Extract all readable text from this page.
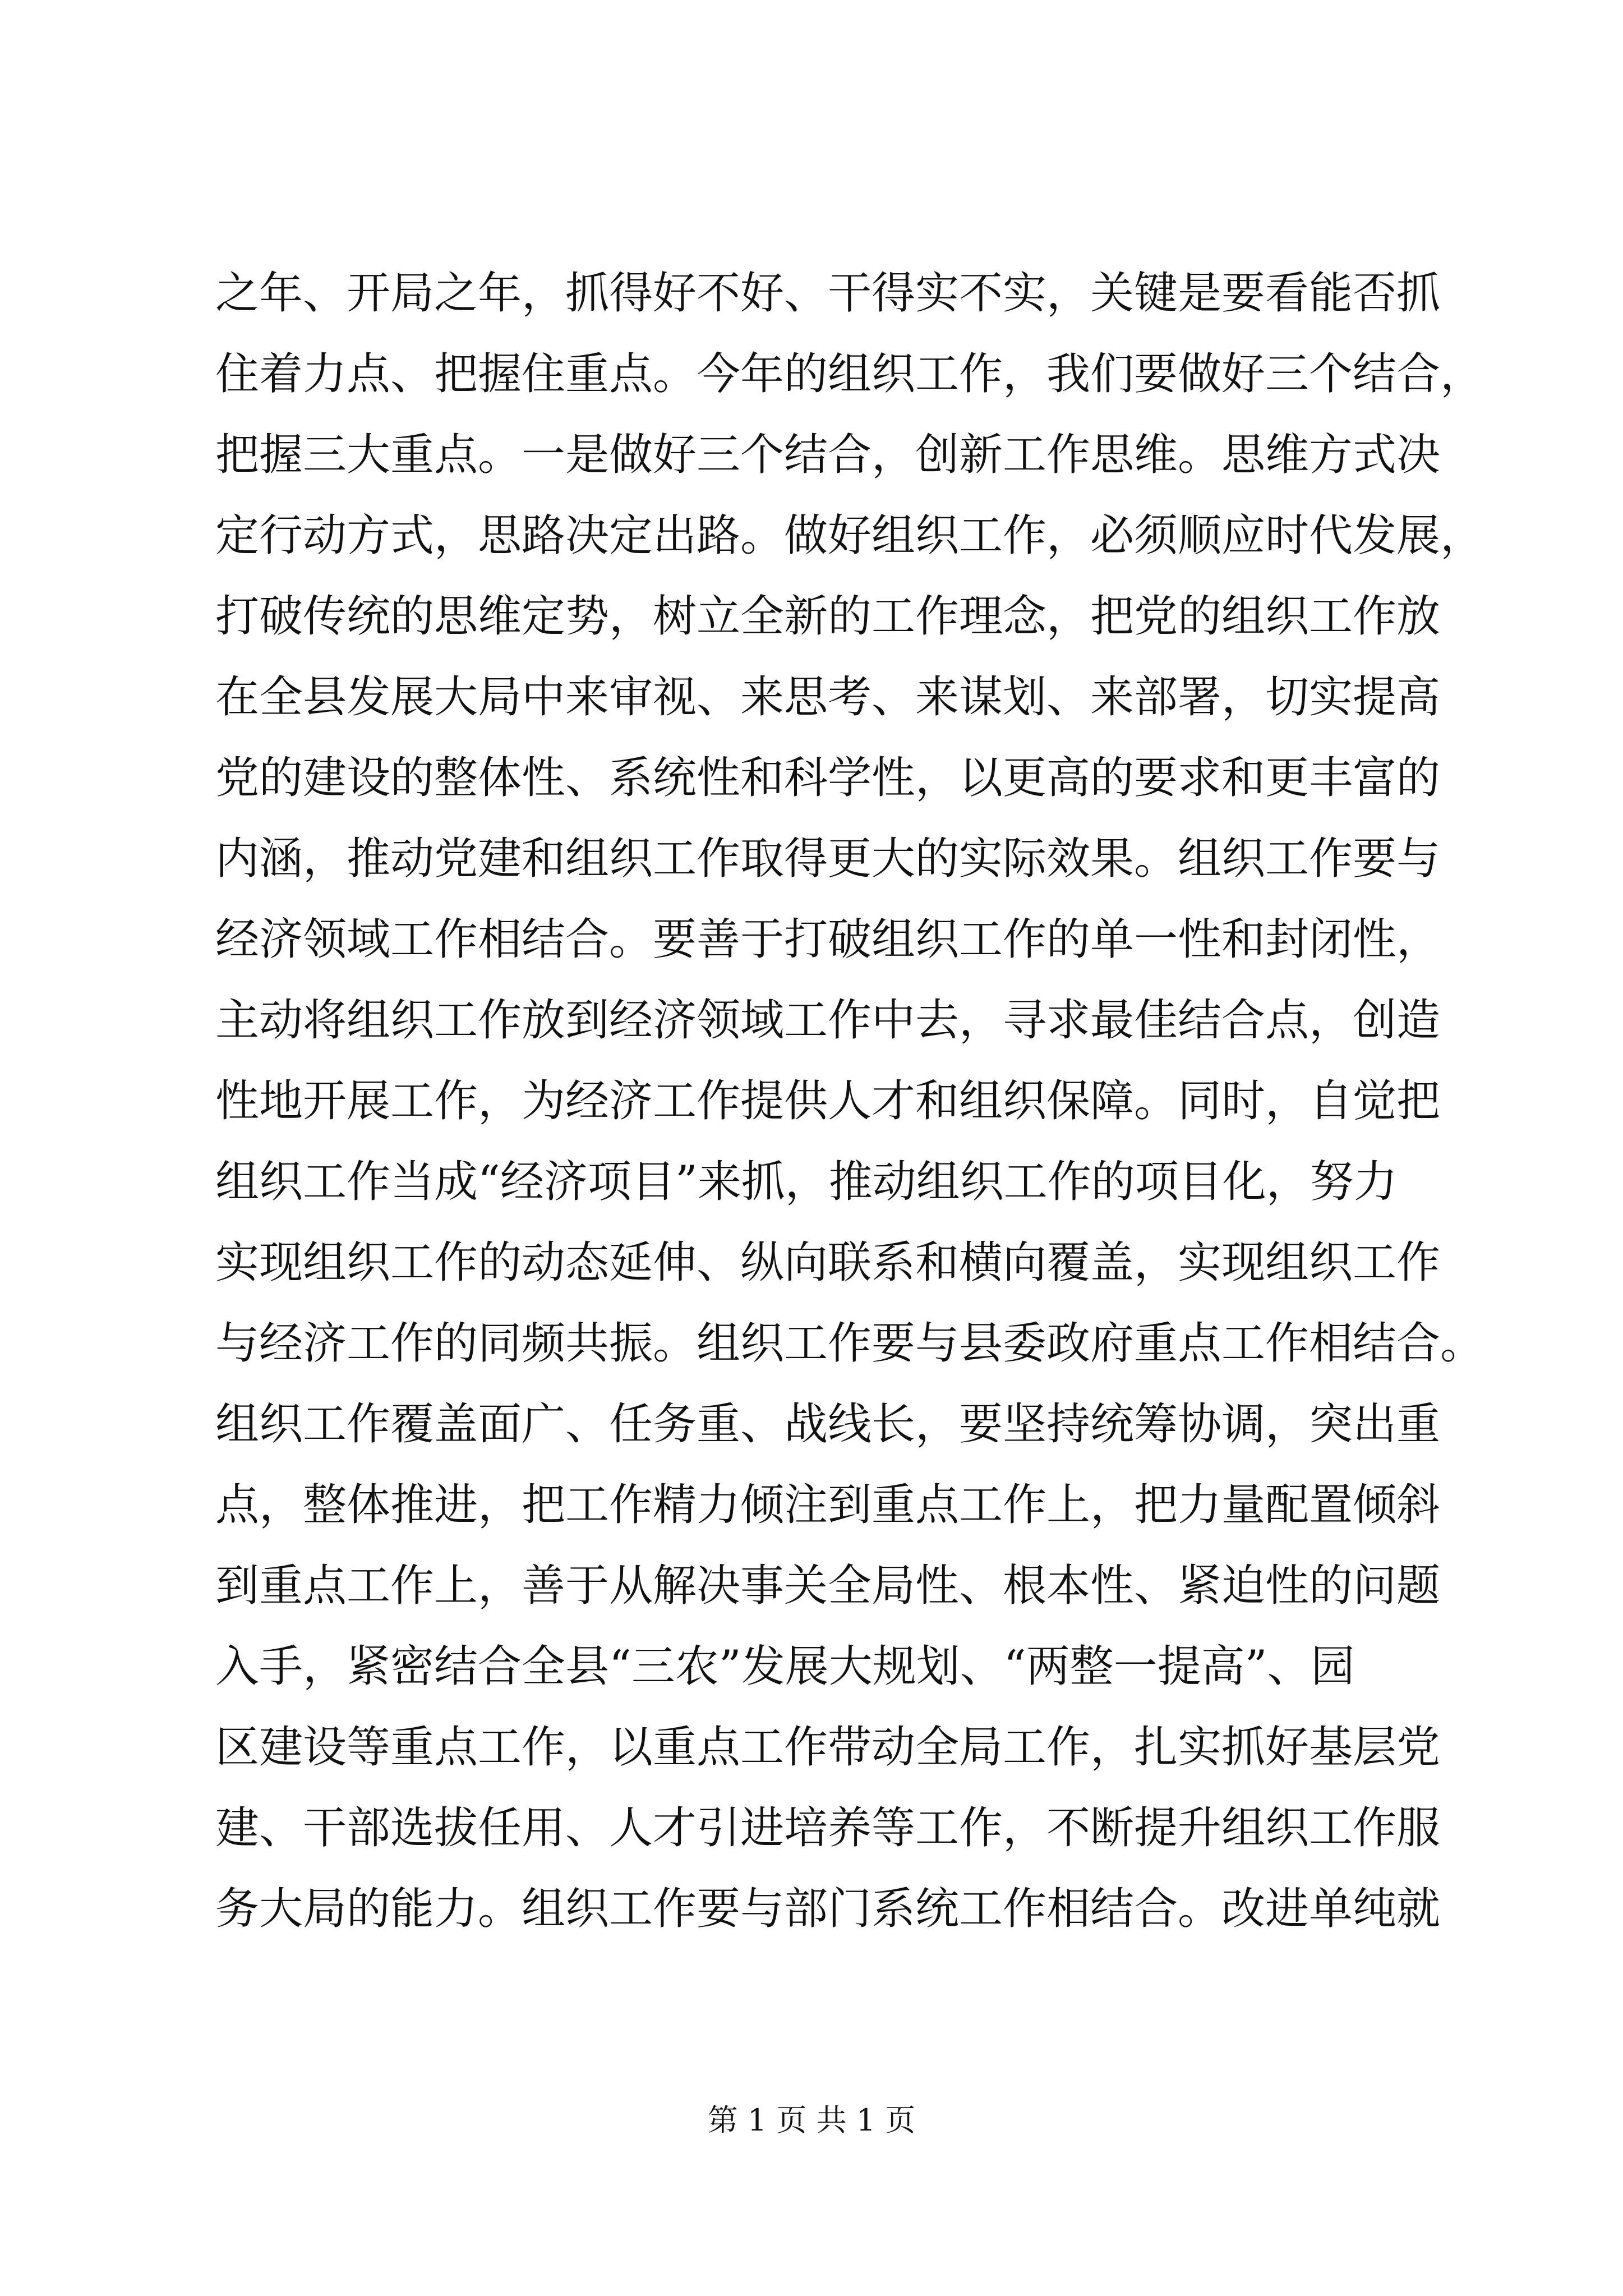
之年、开局之年，抓得好不好、干得实不实，关键是要看能否抓
住着力点、把握住重点。今年的组织工作，我们要做好三个结合，
把握三大重点。一是做好三个结合，创新工作思维。思维方式决
定行动方式，思路决定出路。做好组织工作，必须顺应时代发展，
打破传统的思维定势，树立全新的工作理念，把党的组织工作放
在全县发展大局中来审视、来思考、来谋划、来部署，切实提高
党的建设的整体性、系统性和科学性，以更高的要求和更丰富的
内涵，推动党建和组织工作取得更大的实际效果。组织工作要与
经济领域工作相结合。要善于打破组织工作的单一性和封闭性，
主动将组织工作放到经济领域工作中去，寻求最佳结合点，创造
性地开展工作，为经济工作提供人才和组织保障。同时，自觉把
组织工作当成“经济项目”来抓，推动组织工作的项目化，努力
实现组织工作的动态延伸、纵向联系和横向覆盖，实现组织工作
与经济工作的同频共振。组织工作要与县委政府重点工作相结合。
组织工作覆盖面广、任务重、战线长，要坚持统筹协调，突出重
点，整体推进，把工作精力倾注到重点工作上，把力量配置倾斜
到重点工作上，善于从解决事关全局性、根本性、紧迫性的问题
入手，紧密结合全县“三农”发展大规划、“两整一提高”、园
区建设等重点工作，以重点工作带动全局工作，扎实抓好基层党
建、干部选拔任用、人才引进培养等工作，不断提升组织工作服
务大局的能力。组织工作要与部门系统工作相结合。改进单纯就
第 1 页 共 1 页
